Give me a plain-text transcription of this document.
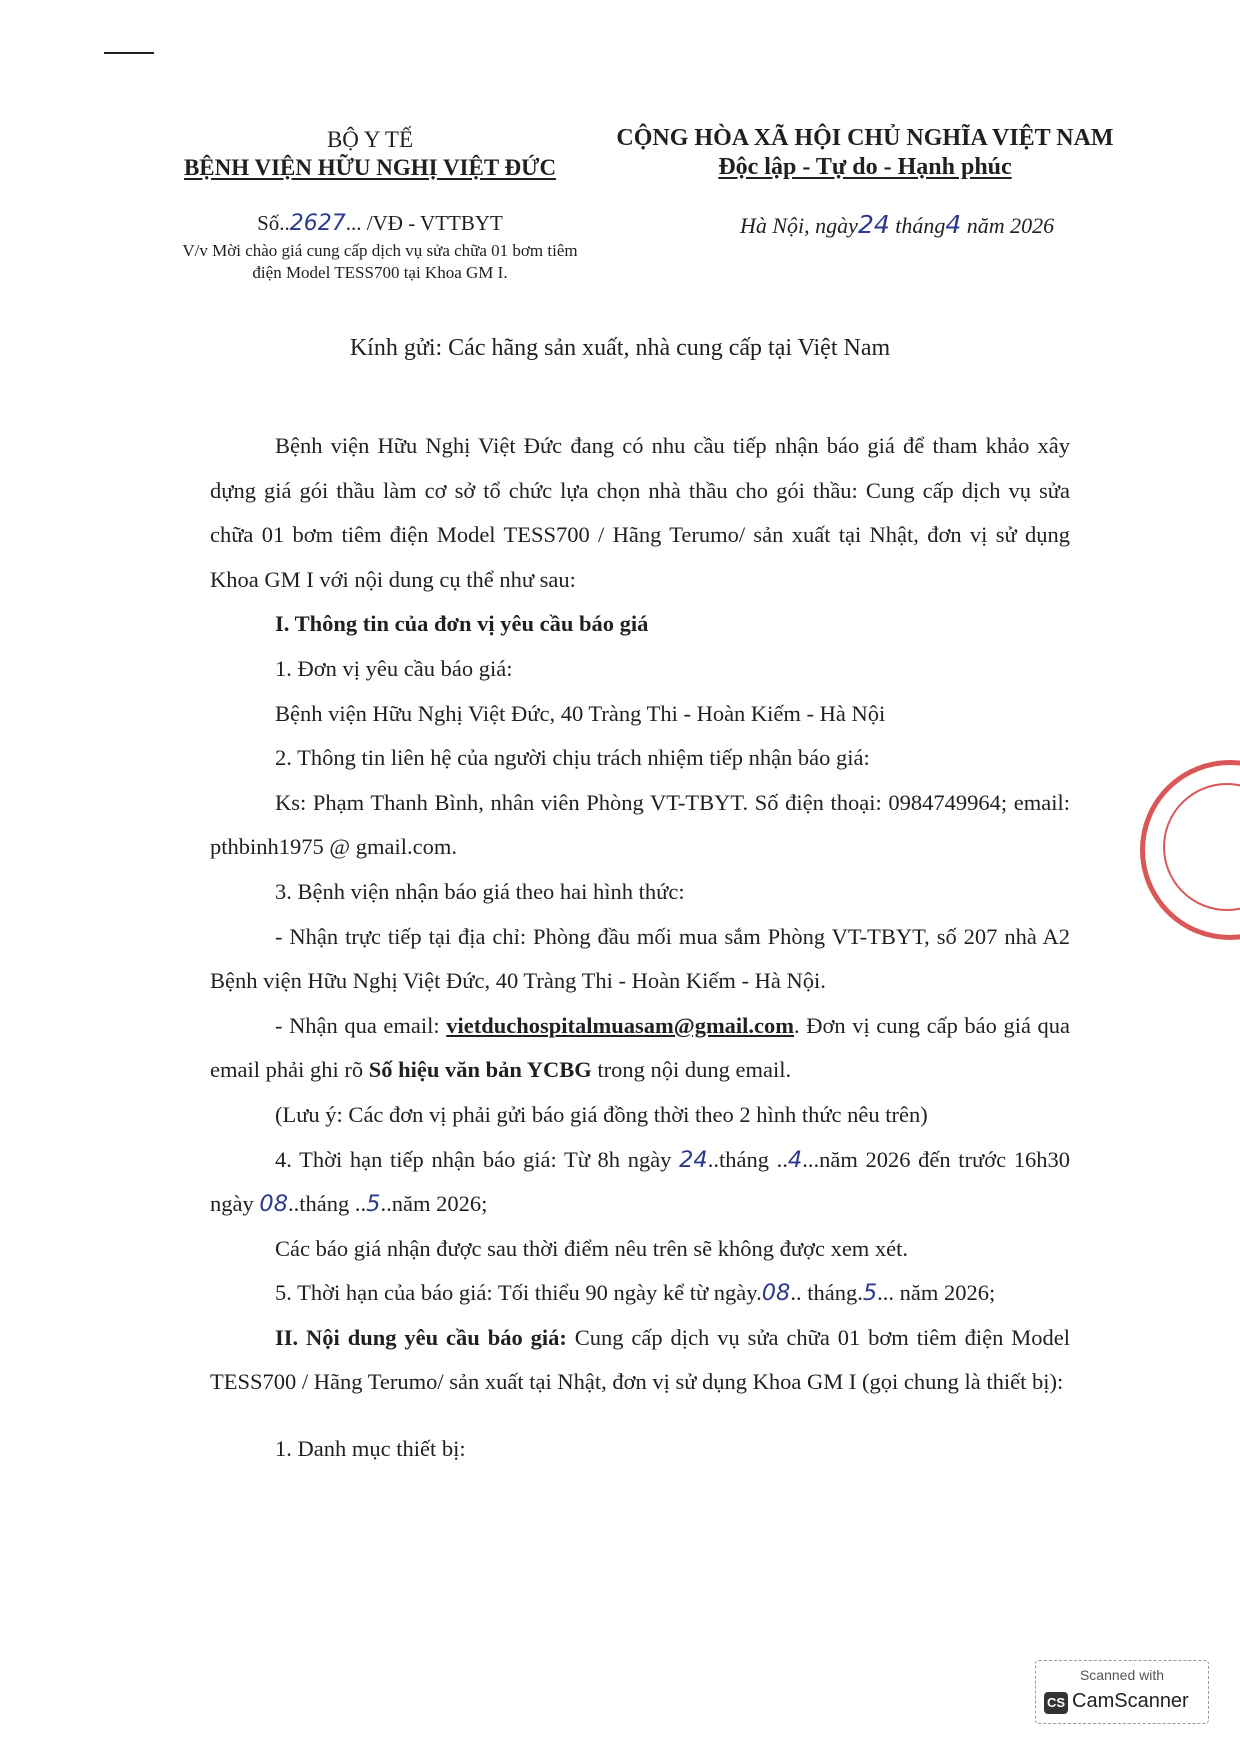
BỘ Y TẾ
BỆNH VIỆN HỮU NGHỊ VIỆT ĐỨC
CỘNG HÒA XÃ HỘI CHỦ NGHĨA VIỆT NAM
Độc lập - Tự do - Hạnh phúc
Số..2627... /VĐ - VTTBYT
V/v Mời chào giá cung cấp dịch vụ sửa chữa 01 bơm tiêm
điện Model TESS700 tại Khoa GM I.
Hà Nội, ngày24 tháng4 năm 2026
Kính gửi: Các hãng sản xuất, nhà cung cấp tại Việt Nam

Bệnh viện Hữu Nghị Việt Đức đang có nhu cầu tiếp nhận báo giá để tham khảo xây dựng giá gói thầu làm cơ sở tổ chức lựa chọn nhà thầu cho gói thầu: Cung cấp dịch vụ sửa chữa 01 bơm tiêm điện Model TESS700 / Hãng Terumo/ sản xuất tại Nhật, đơn vị sử dụng Khoa GM I với nội dung cụ thể như sau:

I. Thông tin của đơn vị yêu cầu báo giá

1. Đơn vị yêu cầu báo giá:

Bệnh viện Hữu Nghị Việt Đức, 40 Tràng Thi - Hoàn Kiếm - Hà Nội

2. Thông tin liên hệ của người chịu trách nhiệm tiếp nhận báo giá:

Ks: Phạm Thanh Bình, nhân viên Phòng VT-TBYT. Số điện thoại: 0984749964; email: pthbinh1975 @ gmail.com.

3. Bệnh viện nhận báo giá theo hai hình thức:

- Nhận trực tiếp tại địa chỉ: Phòng đầu mối mua sắm Phòng VT-TBYT, số 207 nhà A2 Bệnh viện Hữu Nghị Việt Đức, 40 Tràng Thi - Hoàn Kiếm - Hà Nội.

- Nhận qua email: vietduchospitalmuasam@gmail.com. Đơn vị cung cấp báo giá qua email phải ghi rõ Số hiệu văn bản YCBG trong nội dung email.

(Lưu ý: Các đơn vị phải gửi báo giá đồng thời theo 2 hình thức nêu trên)

4. Thời hạn tiếp nhận báo giá: Từ 8h ngày 24..tháng ..4...năm 2026 đến trước 16h30 ngày 08..tháng ..5..năm 2026;

Các báo giá nhận được sau thời điểm nêu trên sẽ không được xem xét.

5. Thời hạn của báo giá: Tối thiểu 90 ngày kể từ ngày.08.. tháng.5... năm 2026;

II. Nội dung yêu cầu báo giá: Cung cấp dịch vụ sửa chữa 01 bơm tiêm điện Model TESS700 / Hãng Terumo/ sản xuất tại Nhật, đơn vị sử dụng Khoa GM I (gọi chung là thiết bị):

1. Danh mục thiết bị:

Scanned with
CS CamScanner
